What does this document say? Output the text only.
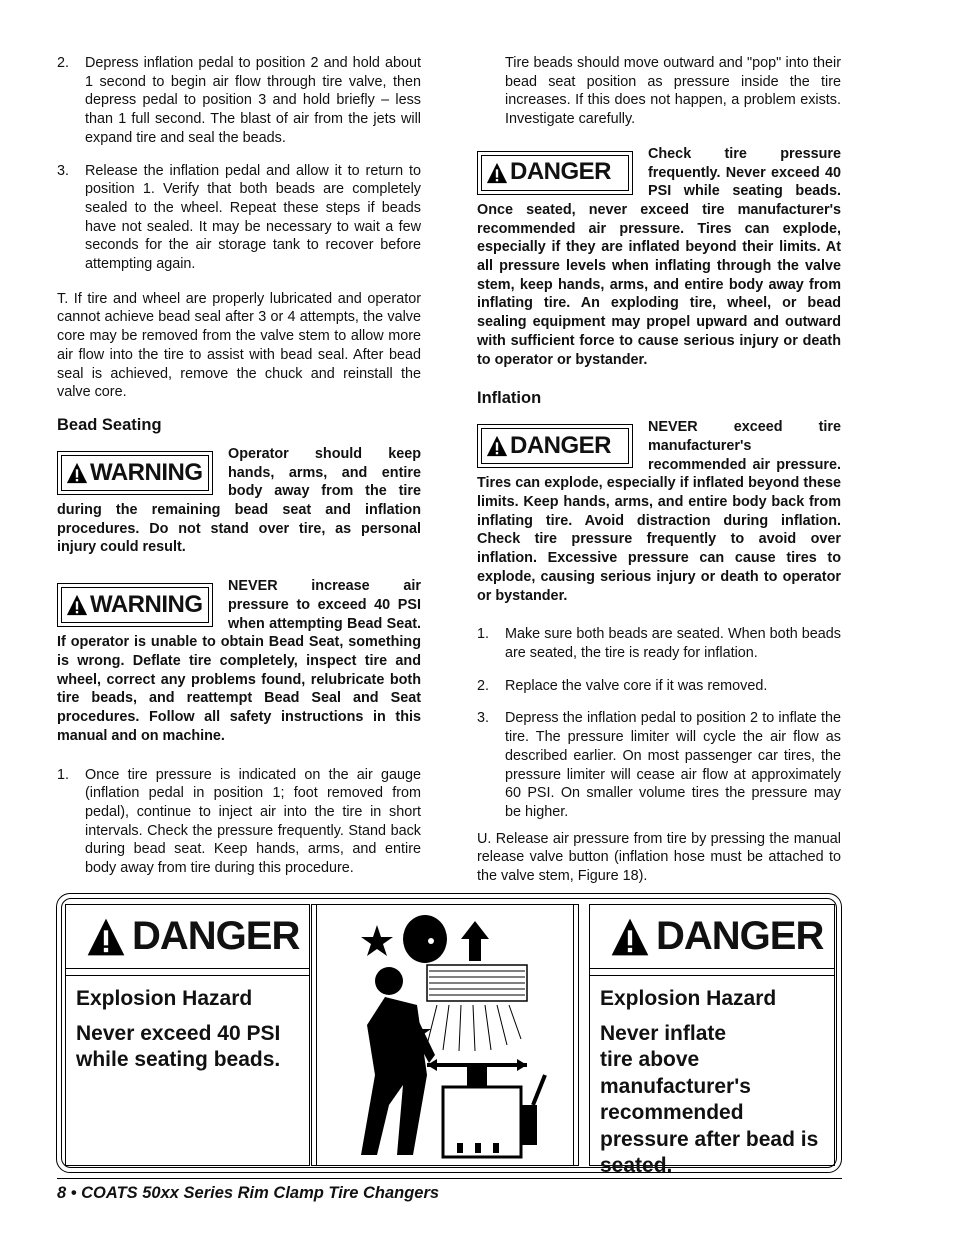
2. Depress inflation pedal to position 2 and hold about 1 second to begin air flow through tire valve, then depress pedal to position 3 and hold briefly – less than 1 full second. The blast of air from the jets will expand tire and seal the beads.
3. Release the inflation pedal and allow it to return to position 1. Verify that both beads are completely sealed to the wheel. Repeat these steps if beads have not sealed. It may be necessary to wait a few seconds for the air storage tank to recover before attempting again.

T. If tire and wheel are properly lubricated and operator cannot achieve bead seal after 3 or 4 attempts, the valve core may be removed from the valve stem to allow more air flow into the tire to assist with bead seal. After bead seal is achieved, remove the chuck and reinstall the valve core.

Bead Seating
WARNING
Operator should keep hands, arms, and entire body away from the tire during the remaining bead seat and inflation procedures. Do not stand over tire, as personal injury could result.
WARNING
NEVER increase air pressure to exceed 40 PSI when attempting Bead Seat. If operator is unable to obtain Bead Seat, something is wrong. Deflate tire completely, inspect tire and wheel, correct any problems found, relubricate both tire beads, and reattempt Bead Seal and Seat procedures. Follow all safety instructions in this manual and on machine.
1. Once tire pressure is indicated on the air gauge (inflation pedal in position 1; foot removed from pedal), continue to inject air into the tire in short intervals. Check the pressure frequently. Stand back during bead seat. Keep hands, arms, and entire body away from tire during this procedure.

Tire beads should move outward and "pop" into their bead seat position as pressure inside the tire increases. If this does not happen, a problem exists. Investigate carefully.

DANGER
Check tire pressure frequently. Never exceed 40 PSI while seating beads. Once seated, never exceed tire manufacturer's recommended air pressure. Tires can explode, especially if they are inflated beyond their limits. At all pressure levels when inflating through the valve stem, keep hands, arms, and entire body away from inflating tire. An exploding tire, wheel, or bead sealing equipment may propel upward and outward with sufficient force to cause serious injury or death to operator or bystander.
Inflation
DANGER
NEVER exceed tire manufacturer's recommended air pressure. Tires can explode, especially if inflated beyond these limits. Keep hands, arms, and entire body back from inflating tire. Avoid distraction during inflation. Check tire pressure frequently to avoid over inflation. Excessive pressure can cause tires to explode, causing serious injury or death to operator or bystander.
1. Make sure both beads are seated. When both beads are seated, the tire is ready for inflation.
2. Replace the valve core if it was removed.
3. Depress the inflation pedal to position 2 to inflate the tire. The pressure limiter will cycle the air flow as described earlier. On most passenger car tires, the pressure limiter will cease air flow at approximately 60 PSI. On smaller volume tires the pressure may be higher.

U. Release air pressure from tire by pressing the manual release valve button (inflation hose must be attached to the valve stem, Figure 18).

DANGER
Explosion Hazard
Never exceed 40 PSI
while seating beads.
DANGER
Explosion Hazard
Never inflate
tire above
manufacturer's
recommended
pressure after bead is
seated.
8 • COATS 50xx Series Rim Clamp Tire Changers
